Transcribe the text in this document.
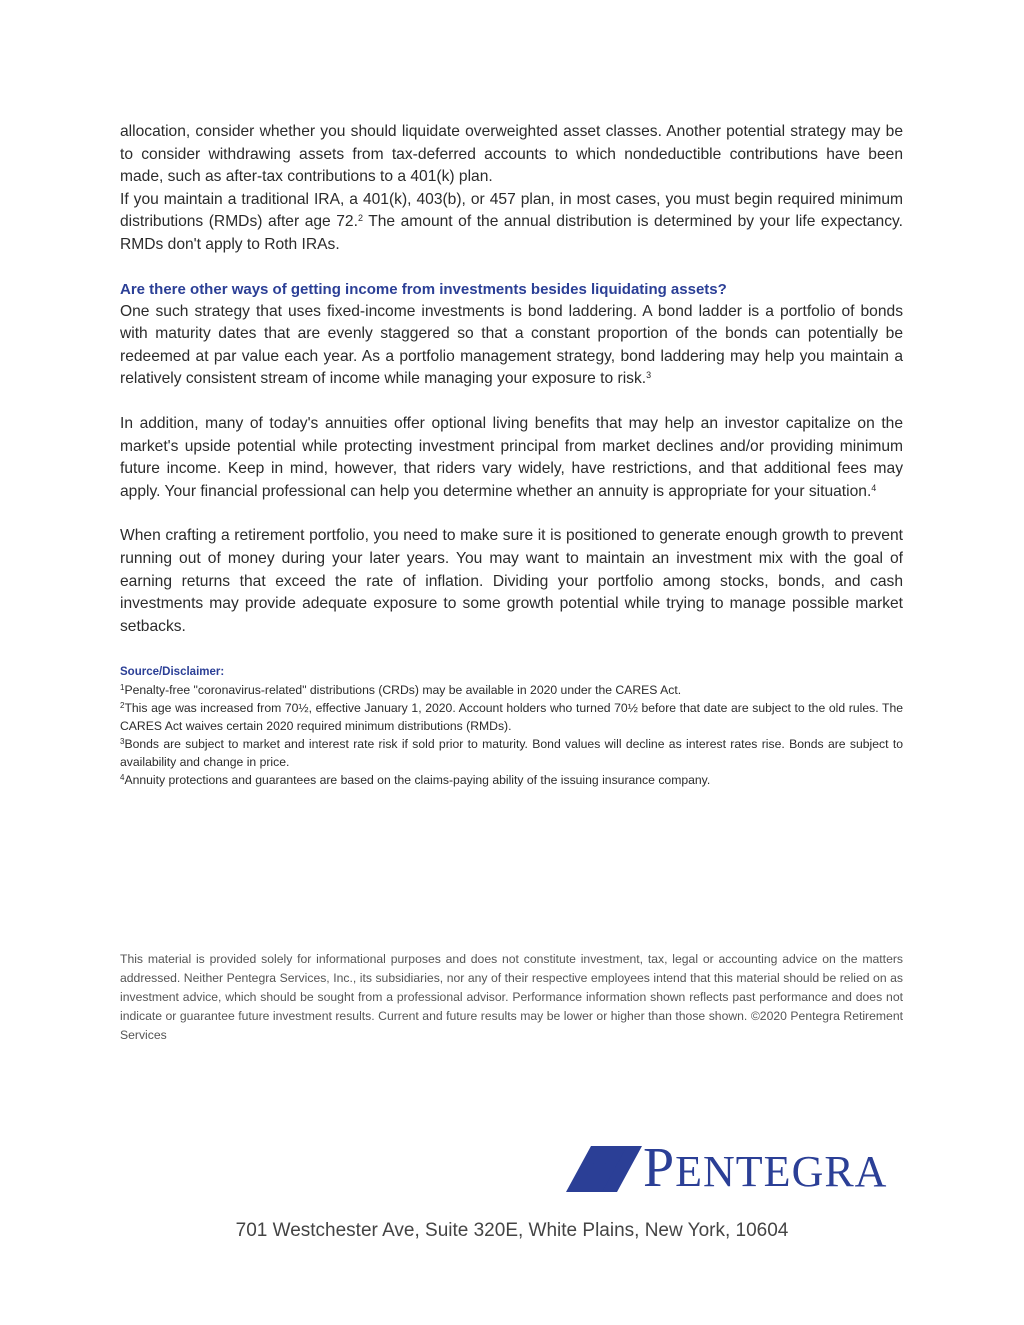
allocation, consider whether you should liquidate overweighted asset classes. Another potential strategy may be to consider withdrawing assets from tax-deferred accounts to which nondeductible contributions have been made, such as after-tax contributions to a 401(k) plan.

If you maintain a traditional IRA, a 401(k), 403(b), or 457 plan, in most cases, you must begin required minimum distributions (RMDs) after age 72.$^2$ The amount of the annual distribution is determined by your life expectancy. RMDs don't apply to Roth IRAs.

Are there other ways of getting income from investments besides liquidating assets?

One such strategy that uses fixed-income investments is bond laddering. A bond ladder is a portfolio of bonds with maturity dates that are evenly staggered so that a constant proportion of the bonds can potentially be redeemed at par value each year. As a portfolio management strategy, bond laddering may help you maintain a relatively consistent stream of income while managing your exposure to risk.$^3$

In addition, many of today's annuities offer optional living benefits that may help an investor capitalize on the market's upside potential while protecting investment principal from market declines and/or providing minimum future income. Keep in mind, however, that riders vary widely, have restrictions, and that additional fees may apply. Your financial professional can help you determine whether an annuity is appropriate for your situation.$^4$

When crafting a retirement portfolio, you need to make sure it is positioned to generate enough growth to prevent running out of money during your later years. You may want to maintain an investment mix with the goal of earning returns that exceed the rate of inflation. Dividing your portfolio among stocks, bonds, and cash investments may provide adequate exposure to some growth potential while trying to manage possible market setbacks.

Source/Disclaimer:

$^1$Penalty-free "coronavirus-related" distributions (CRDs) may be available in 2020 under the CARES Act.

$^2$This age was increased from 70½, effective January 1, 2020. Account holders who turned 70½ before that date are subject to the old rules. The CARES Act waives certain 2020 required minimum distributions (RMDs).

$^3$Bonds are subject to market and interest rate risk if sold prior to maturity. Bond values will decline as interest rates rise. Bonds are subject to availability and change in price.

$^4$Annuity protections and guarantees are based on the claims-paying ability of the issuing insurance company.

This material is provided solely for informational purposes and does not constitute investment, tax, legal or accounting advice on the matters addressed. Neither Pentegra Services, Inc., its subsidiaries, nor any of their respective employees intend that this material should be relied on as investment advice, which should be sought from a professional advisor. Performance information shown reflects past performance and does not indicate or guarantee future investment results. Current and future results may be lower or higher than those shown. ©2020 Pentegra Retirement Services

PENTEGRA
701 Westchester Ave, Suite 320E, White Plains, New York, 10604
